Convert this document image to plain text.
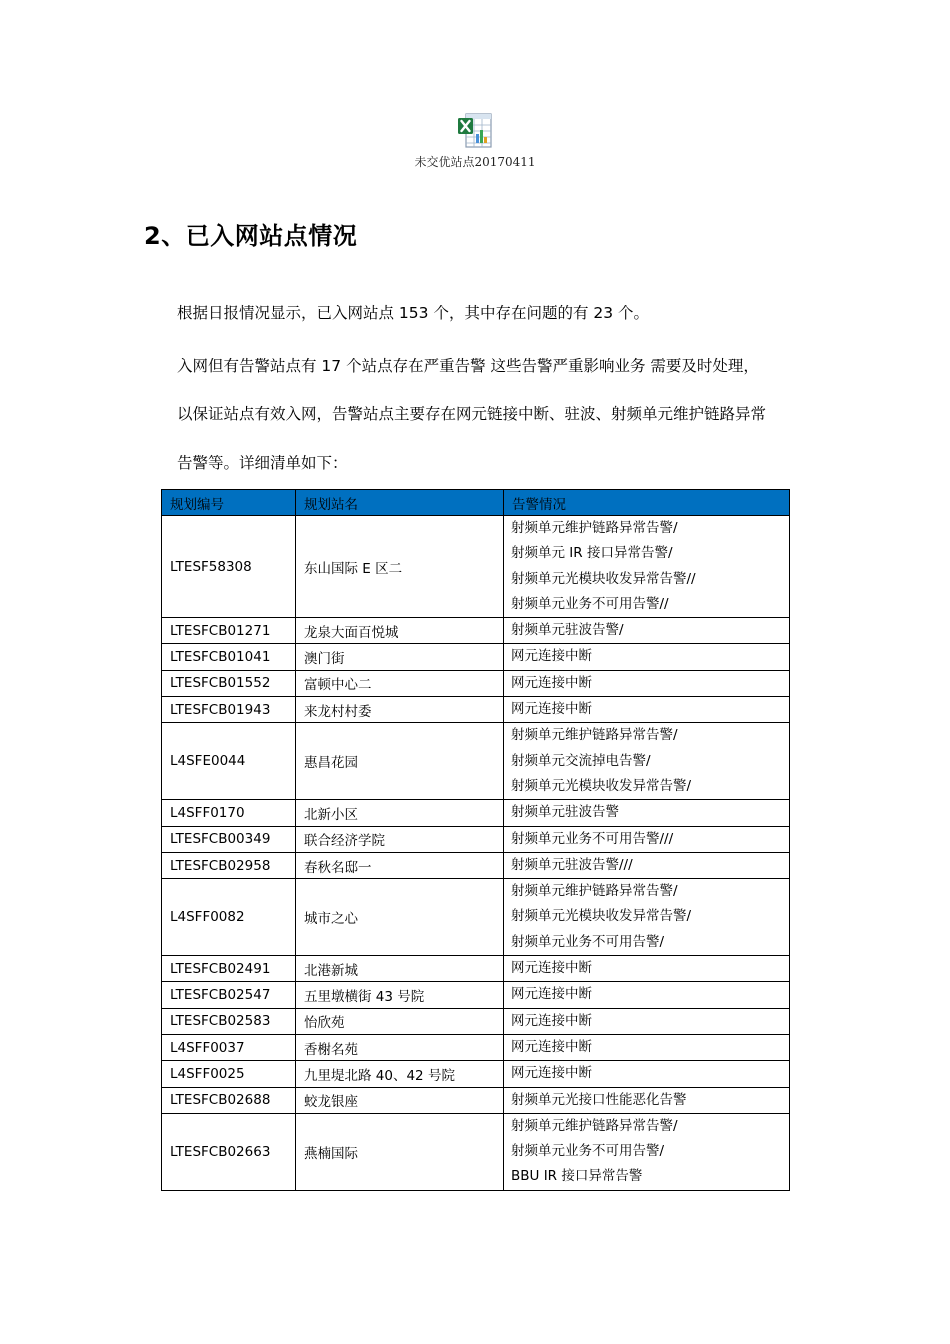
未交优站点20170411
2、已入网站点情况
根据日报情况显示，已入网站点 153 个，其中存在问题的有 23 个。
入网但有告警站点有 17 个站点存在严重告警 这些告警严重影响业务 需要及时处理，
以保证站点有效入网，告警站点主要存在网元链接中断、驻波、射频单元维护链路异常
告警等。详细清单如下：
规划编号	规划站名	告警情况
LTESF58308	东山国际 E 区二	射频单元维护链路异常告警/
射频单元 IR 接口异常告警/
射频单元光模块收发异常告警//
射频单元业务不可用告警//

LTESFCB01271	龙泉大面百悦城	射频单元驻波告警/

LTESFCB01041	澳门街	网元连接中断

LTESFCB01552	富顿中心二	网元连接中断

LTESFCB01943	来龙村村委	网元连接中断

L4SFE0044	惠昌花园	射频单元维护链路异常告警/
射频单元交流掉电告警/
射频单元光模块收发异常告警/

L4SFF0170	北新小区	射频单元驻波告警

LTESFCB00349	联合经济学院	射频单元业务不可用告警///

LTESFCB02958	春秋名邸一	射频单元驻波告警///

L4SFF0082	城市之心	射频单元维护链路异常告警/
射频单元光模块收发异常告警/
射频单元业务不可用告警/

LTESFCB02491	北港新城	网元连接中断

LTESFCB02547	五里墩横街 43 号院	网元连接中断

LTESFCB02583	怡欣苑	网元连接中断

L4SFF0037	香榭名苑	网元连接中断

L4SFF0025	九里堤北路 40、42 号院	网元连接中断

LTESFCB02688	蛟龙银座	射频单元光接口性能恶化告警

LTESFCB02663	燕楠国际	射频单元维护链路异常告警/
射频单元业务不可用告警/
BBU IR 接口异常告警
